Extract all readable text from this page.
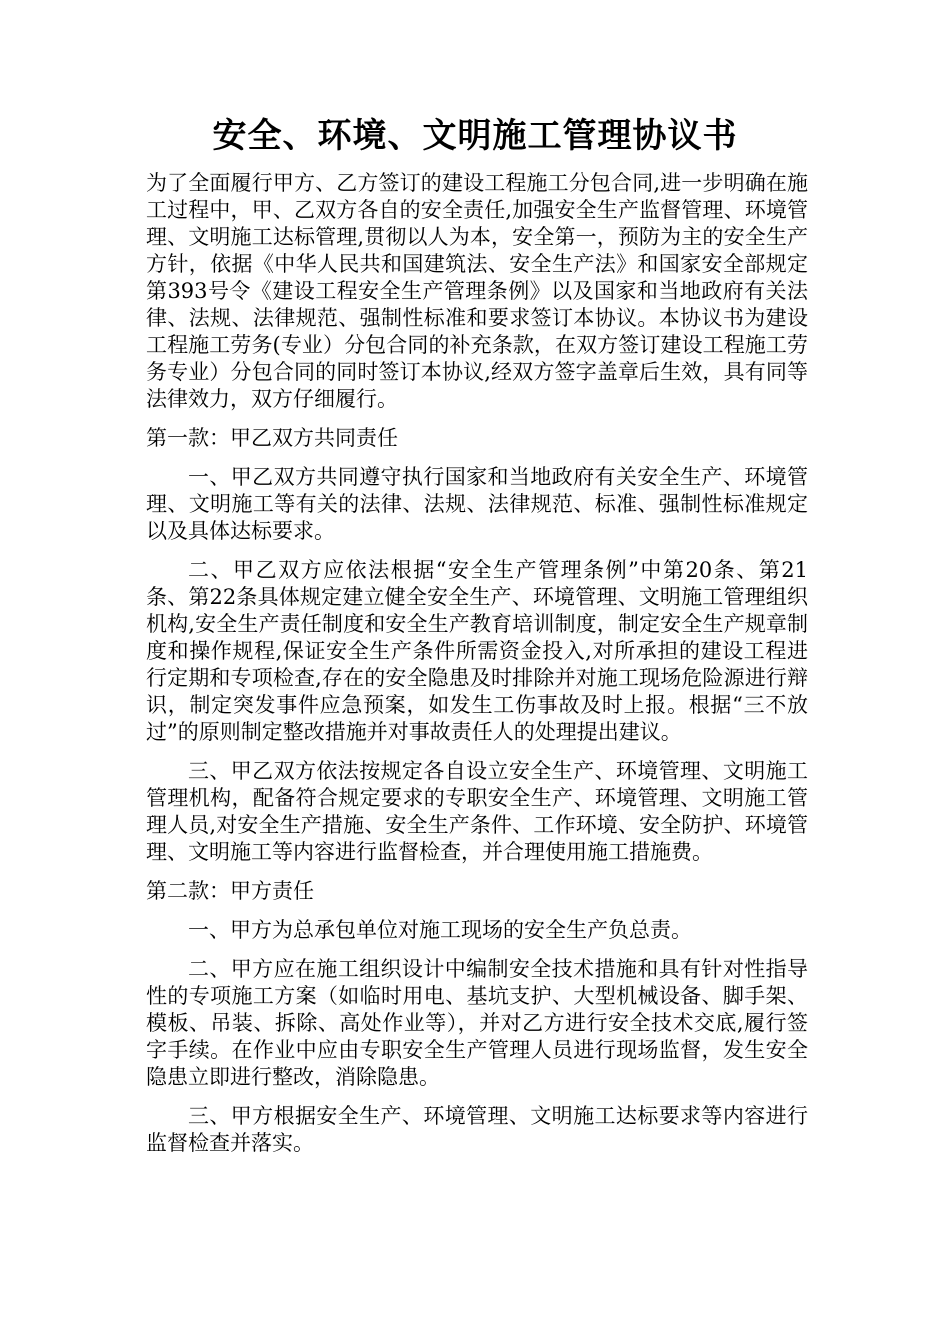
安全、环境、文明施工管理协议书

为了全面履行甲方、乙方签订的建设工程施工分包合同,进一步明确在施工过程中，甲、乙双方各自的安全责任,加强安全生产监督管理、环境管理、文明施工达标管理,贯彻以人为本，安全第一，预防为主的安全生产方针，依据《中华人民共和国建筑法、安全生产法》和国家安全部规定第393号令《建设工程安全生产管理条例》以及国家和当地政府有关法律、法规、法律规范、强制性标准和要求签订本协议。本协议书为建设工程施工劳务(专业）分包合同的补充条款，在双方签订建设工程施工劳务专业）分包合同的同时签订本协议,经双方签字盖章后生效，具有同等法律效力，双方仔细履行。

第一款：甲乙双方共同责任

一、甲乙双方共同遵守执行国家和当地政府有关安全生产、环境管理、文明施工等有关的法律、法规、法律规范、标准、强制性标准规定以及具体达标要求。

二、甲乙双方应依法根据“安全生产管理条例”中第20条、第21条、第22条具体规定建立健全安全生产、环境管理、文明施工管理组织机构,安全生产责任制度和安全生产教育培训制度，制定安全生产规章制度和操作规程,保证安全生产条件所需资金投入,对所承担的建设工程进行定期和专项检查,存在的安全隐患及时排除并对施工现场危险源进行辩识，制定突发事件应急预案，如发生工伤事故及时上报。根据“三不放过”的原则制定整改措施并对事故责任人的处理提出建议。

三、甲乙双方依法按规定各自设立安全生产、环境管理、文明施工管理机构，配备符合规定要求的专职安全生产、环境管理、文明施工管理人员,对安全生产措施、安全生产条件、工作环境、安全防护、环境管理、文明施工等内容进行监督检查，并合理使用施工措施费。

第二款：甲方责任

一、甲方为总承包单位对施工现场的安全生产负总责。

二、甲方应在施工组织设计中编制安全技术措施和具有针对性指导性的专项施工方案（如临时用电、基坑支护、大型机械设备、脚手架、模板、吊装、拆除、高处作业等），并对乙方进行安全技术交底,履行签字手续。在作业中应由专职安全生产管理人员进行现场监督，发生安全隐患立即进行整改，消除隐患。

三、甲方根据安全生产、环境管理、文明施工达标要求等内容进行监督检查并落实。
